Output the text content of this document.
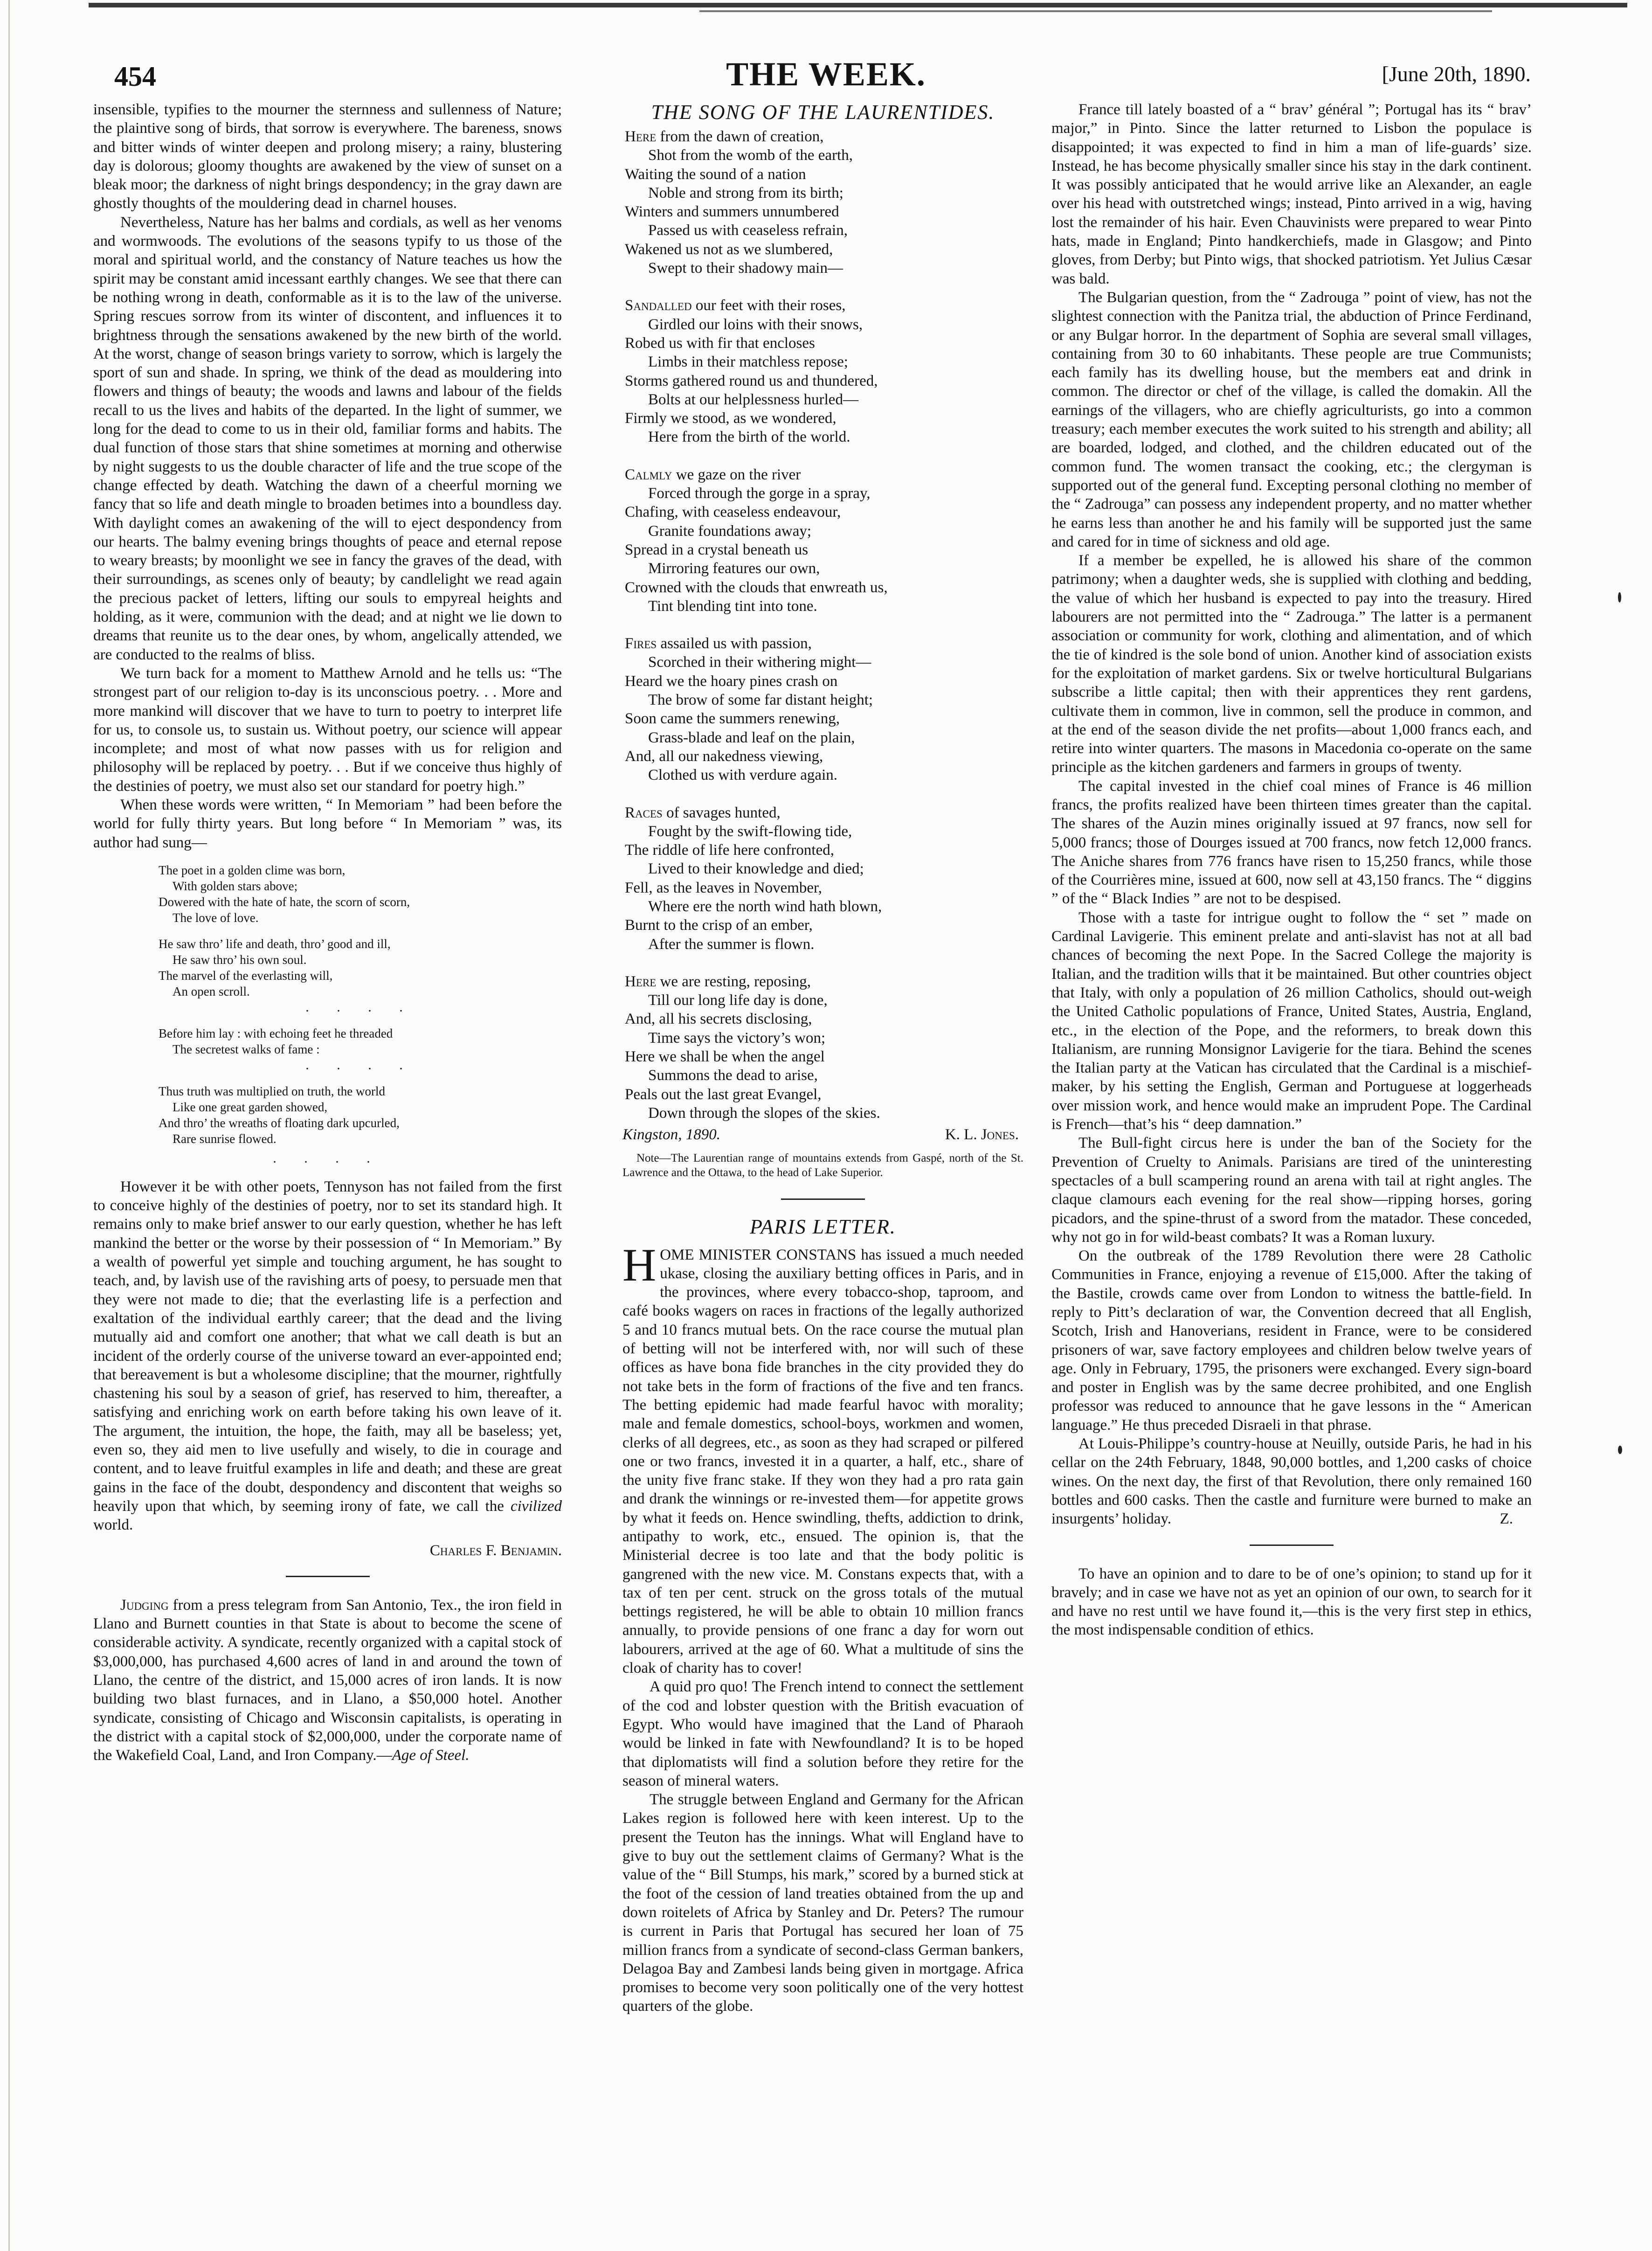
454	THE WEEK.	[June 20th, 1890.

insensible, typifies to the mourner the sternness and sullenness of Nature; the plaintive song of birds, that sorrow is everywhere. The bareness, snows and bitter winds of winter deepen and prolong misery; a rainy, blustering day is dolorous; gloomy thoughts are awakened by the view of sunset on a bleak moor; the darkness of night brings despondency; in the gray dawn are ghostly thoughts of the mouldering dead in charnel houses.

Nevertheless, Nature has her balms and cordials, as well as her venoms and wormwoods. The evolutions of the seasons typify to us those of the moral and spiritual world, and the constancy of Nature teaches us how the spirit may be constant amid incessant earthly changes. We see that there can be nothing wrong in death, conformable as it is to the law of the universe. Spring rescues sorrow from its winter of discontent, and influences it to brightness through the sensations awakened by the new birth of the world. At the worst, change of season brings variety to sorrow, which is largely the sport of sun and shade. In spring, we think of the dead as mouldering into flowers and things of beauty; the woods and lawns and labour of the fields recall to us the lives and habits of the departed. In the light of summer, we long for the dead to come to us in their old, familiar forms and habits. The dual function of those stars that shine sometimes at morning and otherwise by night suggests to us the double character of life and the true scope of the change effected by death. Watching the dawn of a cheerful morning we fancy that so life and death mingle to broaden betimes into a boundless day. With daylight comes an awakening of the will to eject despondency from our hearts. The balmy evening brings thoughts of peace and eternal repose to weary breasts; by moonlight we see in fancy the graves of the dead, with their surroundings, as scenes only of beauty; by candlelight we read again the precious packet of letters, lifting our souls to empyreal heights and holding, as it were, communion with the dead; and at night we lie down to dreams that reunite us to the dear ones, by whom, angelically attended, we are conducted to the realms of bliss.

We turn back for a moment to Matthew Arnold and he tells us: “The strongest part of our religion to-day is its unconscious poetry. . . More and more mankind will discover that we have to turn to poetry to interpret life for us, to console us, to sustain us. Without poetry, our science will appear incomplete; and most of what now passes with us for religion and philosophy will be replaced by poetry. . . But if we conceive thus highly of the destinies of poetry, we must also set our standard for poetry high.”

When these words were written, “ In Memoriam ” had been before the world for fully thirty years. But long before “ In Memoriam ” was, its author had sung—

The poet in a golden clime was born,
With golden stars above;
Dowered with the hate of hate, the scorn of scorn,
The love of love.
He saw thro’ life and death, thro’ good and ill,
He saw thro’ his own soul.
The marvel of the everlasting will,
An open scroll.
. . . .
Before him lay : with echoing feet he threaded
The secretest walks of fame :
. . . .
Thus truth was multiplied on truth, the world
Like one great garden showed,
And thro’ the wreaths of floating dark upcurled,
Rare sunrise flowed.
. . . .

However it be with other poets, Tennyson has not failed from the first to conceive highly of the destinies of poetry, nor to set its standard high. It remains only to make brief answer to our early question, whether he has left mankind the better or the worse by their possession of “ In Memoriam.” By a wealth of powerful yet simple and touching argument, he has sought to teach, and, by lavish use of the ravishing arts of poesy, to persuade men that they were not made to die; that the everlasting life is a perfection and exaltation of the individual earthly career; that the dead and the living mutually aid and comfort one another; that what we call death is but an incident of the orderly course of the universe toward an ever-appointed end; that bereavement is but a wholesome discipline; that the mourner, rightfully chastening his soul by a season of grief, has reserved to him, thereafter, a satisfying and enriching work on earth before taking his own leave of it. The argument, the intuition, the hope, the faith, may all be baseless; yet, even so, they aid men to live usefully and wisely, to die in courage and content, and to leave fruitful examples in life and death; and these are great gains in the face of the doubt, despondency and discontent that weighs so heavily upon that which, by seeming irony of fate, we call the civilized world.

Charles F. Benjamin.

Judging from a press telegram from San Antonio, Tex., the iron field in Llano and Burnett counties in that State is about to become the scene of considerable activity. A syndicate, recently organized with a capital stock of $3,000,000, has purchased 4,600 acres of land in and around the town of Llano, the centre of the district, and 15,000 acres of iron lands. It is now building two blast furnaces, and in Llano, a $50,000 hotel. Another syndicate, consisting of Chicago and Wisconsin capitalists, is operating in the district with a capital stock of $2,000,000, under the corporate name of the Wakefield Coal, Land, and Iron Company.—Age of Steel.

THE SONG OF THE LAURENTIDES.
Here from the dawn of creation,
Shot from the womb of the earth,
Waiting the sound of a nation
Noble and strong from its birth;
Winters and summers unnumbered
Passed us with ceaseless refrain,
Wakened us not as we slumbered,
Swept to their shadowy main—
Sandalled our feet with their roses,
Girdled our loins with their snows,
Robed us with fir that encloses
Limbs in their matchless repose;
Storms gathered round us and thundered,
Bolts at our helplessness hurled—
Firmly we stood, as we wondered,
Here from the birth of the world.
Calmly we gaze on the river
Forced through the gorge in a spray,
Chafing, with ceaseless endeavour,
Granite foundations away;
Spread in a crystal beneath us
Mirroring features our own,
Crowned with the clouds that enwreath us,
Tint blending tint into tone.
Fires assailed us with passion,
Scorched in their withering might—
Heard we the hoary pines crash on
The brow of some far distant height;
Soon came the summers renewing,
Grass-blade and leaf on the plain,
And, all our nakedness viewing,
Clothed us with verdure again.
Races of savages hunted,
Fought by the swift-flowing tide,
The riddle of life here confronted,
Lived to their knowledge and died;
Fell, as the leaves in November,
Where ere the north wind hath blown,
Burnt to the crisp of an ember,
After the summer is flown.
Here we are resting, reposing,
Till our long life day is done,
And, all his secrets disclosing,
Time says the victory’s won;
Here we shall be when the angel
Summons the dead to arise,
Peals out the last great Evangel,
Down through the slopes of the skies.
Kingston, 1890.	K. L. Jones.
Note—The Laurentian range of mountains extends from Gaspé, north of the St. Lawrence and the Ottawa, to the head of Lake Superior.
PARIS LETTER.

HOME MINISTER CONSTANS has issued a much needed ukase, closing the auxiliary betting offices in Paris, and in the provinces, where every tobacco-shop, taproom, and café books wagers on races in fractions of the legally authorized 5 and 10 francs mutual bets. On the race course the mutual plan of betting will not be interfered with, nor will such of these offices as have bona fide branches in the city provided they do not take bets in the form of fractions of the five and ten francs. The betting epidemic had made fearful havoc with morality; male and female domestics, school-boys, workmen and women, clerks of all degrees, etc., as soon as they had scraped or pilfered one or two francs, invested it in a quarter, a half, etc., share of the unity five franc stake. If they won they had a pro rata gain and drank the winnings or re-invested them—for appetite grows by what it feeds on. Hence swindling, thefts, addiction to drink, antipathy to work, etc., ensued. The opinion is, that the Ministerial decree is too late and that the body politic is gangrened with the new vice. M. Constans expects that, with a tax of ten per cent. struck on the gross totals of the mutual bettings registered, he will be able to obtain 10 million francs annually, to provide pensions of one franc a day for worn out labourers, arrived at the age of 60. What a multitude of sins the cloak of charity has to cover!

A quid pro quo! The French intend to connect the settlement of the cod and lobster question with the British evacuation of Egypt. Who would have imagined that the Land of Pharaoh would be linked in fate with Newfoundland? It is to be hoped that diplomatists will find a solution before they retire for the season of mineral waters.

The struggle between England and Germany for the African Lakes region is followed here with keen interest. Up to the present the Teuton has the innings. What will England have to give to buy out the settlement claims of Germany? What is the value of the “ Bill Stumps, his mark,” scored by a burned stick at the foot of the cession of land treaties obtained from the up and down roitelets of Africa by Stanley and Dr. Peters? The rumour is current in Paris that Portugal has secured her loan of 75 million francs from a syndicate of second-class German bankers, Delagoa Bay and Zambesi lands being given in mortgage. Africa promises to become very soon politically one of the very hottest quarters of the globe.

France till lately boasted of a “ brav’ général ”; Portugal has its “ brav’ major,” in Pinto. Since the latter returned to Lisbon the populace is disappointed; it was expected to find in him a man of life-guards’ size. Instead, he has become physically smaller since his stay in the dark continent. It was possibly anticipated that he would arrive like an Alexander, an eagle over his head with outstretched wings; instead, Pinto arrived in a wig, having lost the remainder of his hair. Even Chauvinists were prepared to wear Pinto hats, made in England; Pinto handkerchiefs, made in Glasgow; and Pinto gloves, from Derby; but Pinto wigs, that shocked patriotism. Yet Julius Cæsar was bald.

The Bulgarian question, from the “ Zadrouga ” point of view, has not the slightest connection with the Panitza trial, the abduction of Prince Ferdinand, or any Bulgar horror. In the department of Sophia are several small villages, containing from 30 to 60 inhabitants. These people are true Communists; each family has its dwelling house, but the members eat and drink in common. The director or chef of the village, is called the domakin. All the earnings of the villagers, who are chiefly agriculturists, go into a common treasury; each member executes the work suited to his strength and ability; all are boarded, lodged, and clothed, and the children educated out of the common fund. The women transact the cooking, etc.; the clergyman is supported out of the general fund. Excepting personal clothing no member of the “ Zadrouga” can possess any independent property, and no matter whether he earns less than another he and his family will be supported just the same and cared for in time of sickness and old age.

If a member be expelled, he is allowed his share of the common patrimony; when a daughter weds, she is supplied with clothing and bedding, the value of which her husband is expected to pay into the treasury. Hired labourers are not permitted into the “ Zadrouga.” The latter is a permanent association or community for work, clothing and alimentation, and of which the tie of kindred is the sole bond of union. Another kind of association exists for the exploitation of market gardens. Six or twelve horticultural Bulgarians subscribe a little capital; then with their apprentices they rent gardens, cultivate them in common, live in common, sell the produce in common, and at the end of the season divide the net profits—about 1,000 francs each, and retire into winter quarters. The masons in Macedonia co-operate on the same principle as the kitchen gardeners and farmers in groups of twenty.

The capital invested in the chief coal mines of France is 46 million francs, the profits realized have been thirteen times greater than the capital. The shares of the Auzin mines originally issued at 97 francs, now sell for 5,000 francs; those of Dourges issued at 700 francs, now fetch 12,000 francs. The Aniche shares from 776 francs have risen to 15,250 francs, while those of the Courrières mine, issued at 600, now sell at 43,150 francs. The “ diggins ” of the “ Black Indies ” are not to be despised.

Those with a taste for intrigue ought to follow the “ set ” made on Cardinal Lavigerie. This eminent prelate and anti-slavist has not at all bad chances of becoming the next Pope. In the Sacred College the majority is Italian, and the tradition wills that it be maintained. But other countries object that Italy, with only a population of 26 million Catholics, should out-weigh the United Catholic populations of France, United States, Austria, England, etc., in the election of the Pope, and the reformers, to break down this Italianism, are running Monsignor Lavigerie for the tiara. Behind the scenes the Italian party at the Vatican has circulated that the Cardinal is a mischief-maker, by his setting the English, German and Portuguese at loggerheads over mission work, and hence would make an imprudent Pope. The Cardinal is French—that’s his “ deep damnation.”

The Bull-fight circus here is under the ban of the Society for the Prevention of Cruelty to Animals. Parisians are tired of the uninteresting spectacles of a bull scampering round an arena with tail at right angles. The claque clamours each evening for the real show—ripping horses, goring picadors, and the spine-thrust of a sword from the matador. These conceded, why not go in for wild-beast combats? It was a Roman luxury.

On the outbreak of the 1789 Revolution there were 28 Catholic Communities in France, enjoying a revenue of £15,000. After the taking of the Bastile, crowds came over from London to witness the battle-field. In reply to Pitt’s declaration of war, the Convention decreed that all English, Scotch, Irish and Hanoverians, resident in France, were to be considered prisoners of war, save factory employees and children below twelve years of age. Only in February, 1795, the prisoners were exchanged. Every sign-board and poster in English was by the same decree prohibited, and one English professor was reduced to announce that he gave lessons in the “ American language.” He thus preceded Disraeli in that phrase.

At Louis-Philippe’s country-house at Neuilly, outside Paris, he had in his cellar on the 24th February, 1848, 90,000 bottles, and 1,200 casks of choice wines. On the next day, the first of that Revolution, there only remained 160 bottles and 600 casks. Then the castle and furniture were burned to make an insurgents’ holiday.	Z.

To have an opinion and to dare to be of one’s opinion; to stand up for it bravely; and in case we have not as yet an opinion of our own, to search for it and have no rest until we have found it,—this is the very first step in ethics, the most indispensable condition of ethics.
